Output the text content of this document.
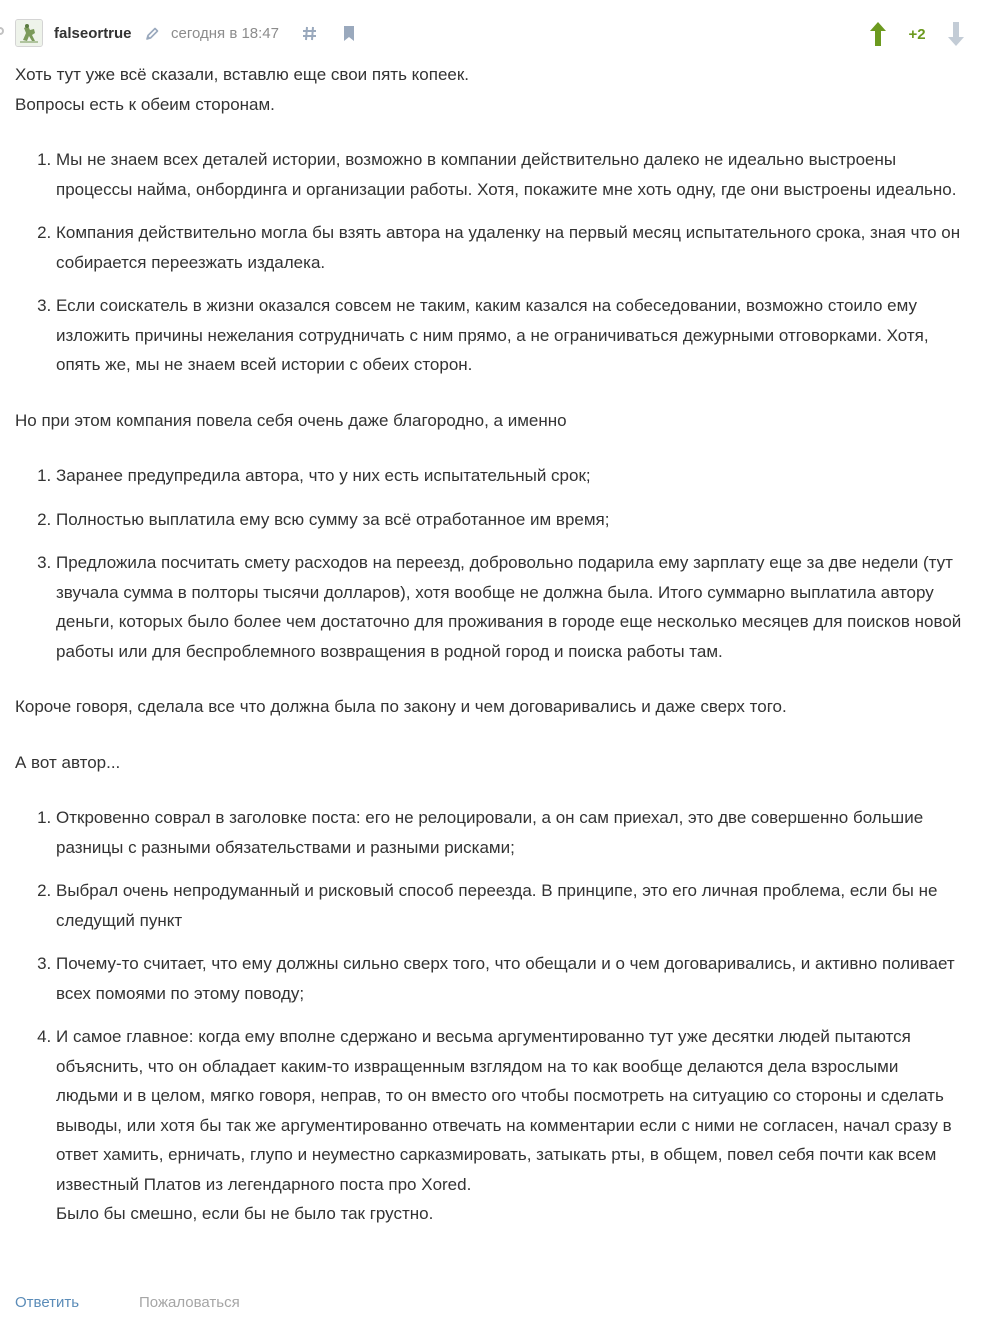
falseortrue	сегодня в 18:47	+2

Хоть тут уже всё сказали, вставлю еще свои пять копеек.

Вопросы есть к обеим сторонам.

1. Мы не знаем всех деталей истории, возможно в компании действительно далеко не идеально выстроены процессы найма, онбординга и организации работы. Хотя, покажите мне хоть одну, где они выстроены идеально.
2. Компания действительно могла бы взять автора на удаленку на первый месяц испытательного срока, зная что он собирается переезжать издалека.
3. Если соискатель в жизни оказался совсем не таким, каким казался на собеседовании, возможно стоило ему изложить причины нежелания сотрудничать с ним прямо, а не ограничиваться дежурными отговорками. Хотя, опять же, мы не знаем всей истории с обеих сторон.

Но при этом компания повела себя очень даже благородно, а именно

1. Заранее предупредила автора, что у них есть испытательный срок;
2. Полностью выплатила ему всю сумму за всё отработанное им время;
3. Предложила посчитать смету расходов на переезд, добровольно подарила ему зарплату еще за две недели (тут звучала сумма в полторы тысячи долларов), хотя вообще не должна была. Итого суммарно выплатила автору деньги, которых было более чем достаточно для проживания в городе еще несколько месяцев для поисков новой работы или для беспроблемного возвращения в родной город и поиска работы там.

Короче говоря, сделала все что должна была по закону и чем договаривались и даже сверх того.

А вот автор...

1. Откровенно соврал в заголовке поста: его не релоцировали, а он сам приехал, это две совершенно большие разницы с разными обязательствами и разными рисками;
2. Выбрал очень непродуманный и рисковый способ переезда. В принципе, это его личная проблема, если бы не следущий пункт
3. Почему-то считает, что ему должны сильно сверх того, что обещали и о чем договаривались, и активно поливает всех помоями по этому поводу;
4. И самое главное: когда ему вполне сдержано и весьма аргументированно тут уже десятки людей пытаются объяснить, что он обладает каким-то извращенным взглядом на то как вообще делаются дела взрослыми людьми и в целом, мягко говоря, неправ, то он вместо ого чтобы посмотреть на ситуацию со стороны и сделать выводы, или хотя бы так же аргументированно отвечать на комментарии если с ними не согласен, начал сразу в ответ хамить, ерничать, глупо и неуместно сарказмировать, затыкать рты, в общем, повел себя почти как всем известный Платов из легендарного поста про Xored.
Было бы смешно, если бы не было так грустно.
Ответить	Пожаловаться
